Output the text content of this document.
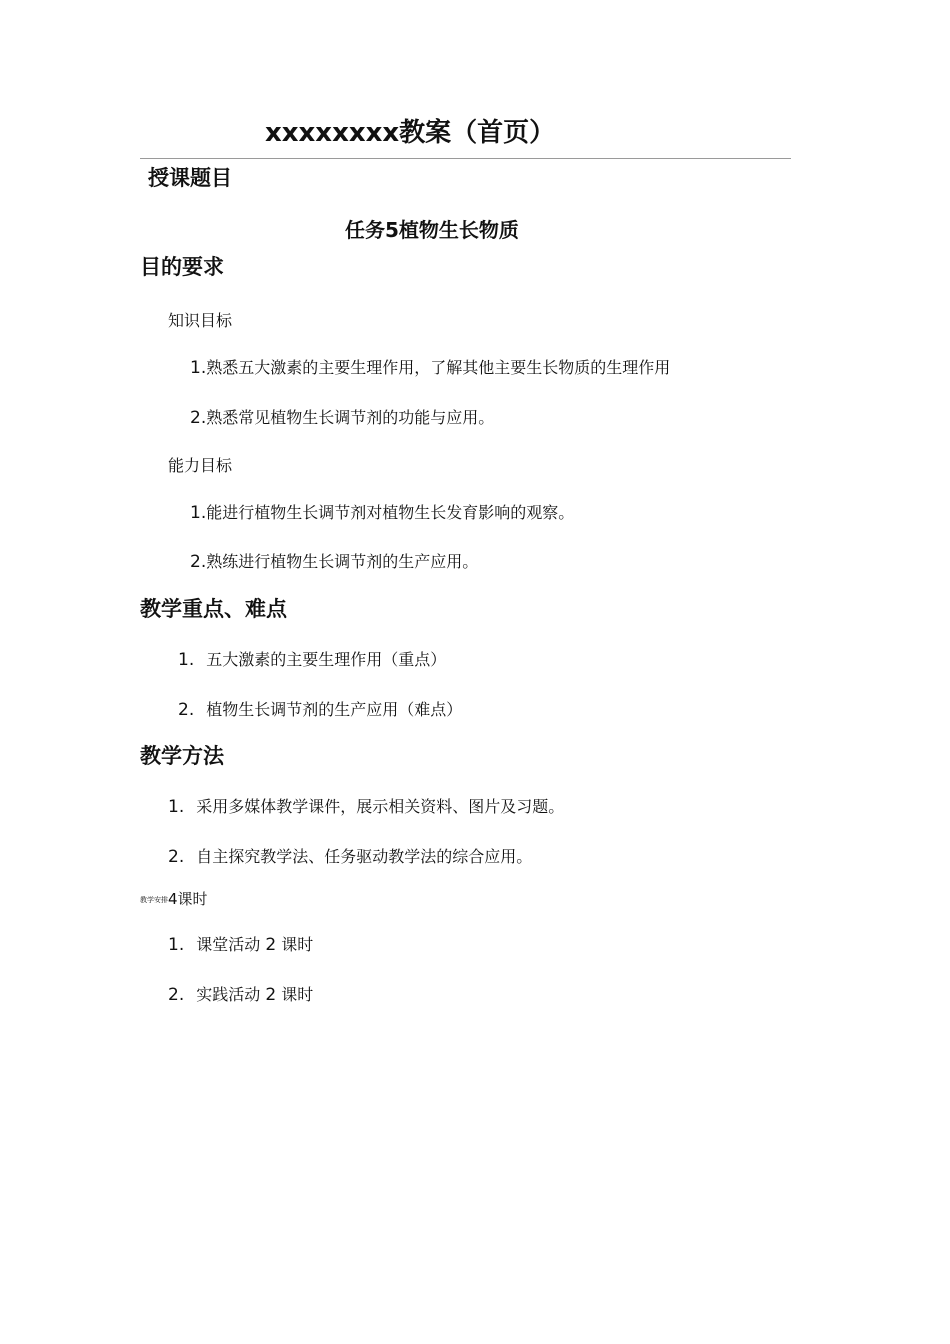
xxxxxxxx教案（首页）
授课题目
任务5植物生长物质
目的要求
知识目标
1.熟悉五大激素的主要生理作用，了解其他主要生长物质的生理作用
2.熟悉常见植物生长调节剂的功能与应用。
能力目标
1.能进行植物生长调节剂对植物生长发育影响的观察。
2.熟练进行植物生长调节剂的生产应用。
教学重点、难点
1. 五大激素的主要生理作用（重点）
2. 植物生长调节剂的生产应用（难点）
教学方法
1. 采用多媒体教学课件，展示相关资料、图片及习题。
2. 自主探究教学法、任务驱动教学法的综合应用。
教学安排4课时
1. 课堂活动 2 课时
2. 实践活动 2 课时
